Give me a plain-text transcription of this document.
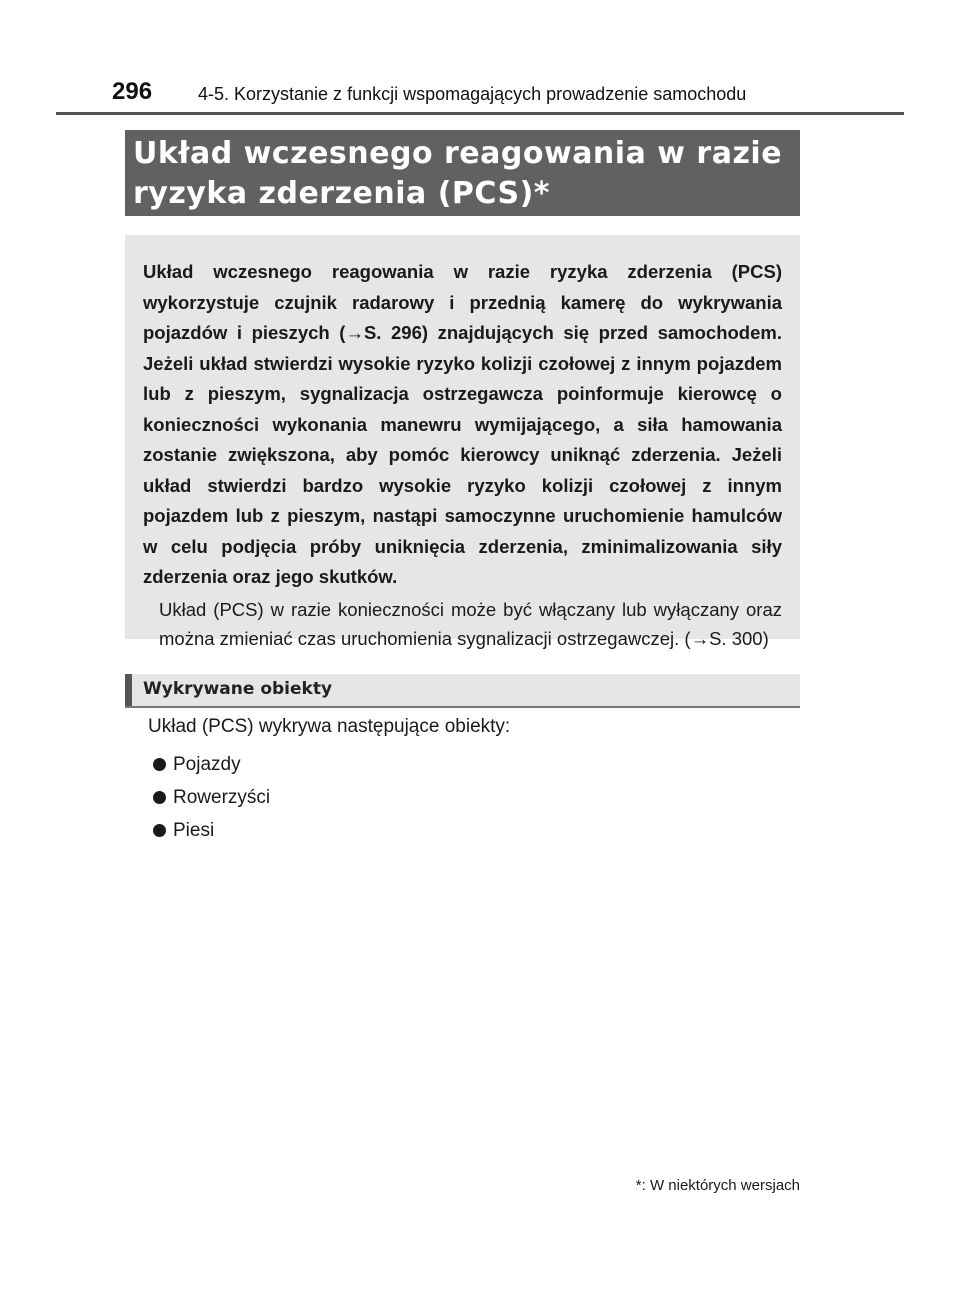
296	4-5. Korzystanie z funkcji wspomagających prowadzenie samochodu
Układ wczesnego reagowania w razie
ryzyka zderzenia (PCS)*

Układ wczesnego reagowania w razie ryzyka zderzenia (PCS) wykorzystuje czujnik radarowy i przednią kamerę do wykrywania pojazdów i pieszych (→S. 296) znajdujących się przed samochodem. Jeżeli układ stwierdzi wysokie ryzyko kolizji czołowej z innym pojazdem lub z pieszym, sygnalizacja ostrzegawcza poinformuje kierowcę o konieczności wykonania manewru wymijającego, a siła hamowania zostanie zwiększona, aby pomóc kierowcy uniknąć zderzenia. Jeżeli układ stwierdzi bardzo wysokie ryzyko kolizji czołowej z innym pojazdem lub z pieszym, nastąpi samoczynne uruchomienie hamulców w celu podjęcia próby uniknięcia zderzenia, zminimalizowania siły zderzenia oraz jego skutków.

Układ (PCS) w razie konieczności może być włączany lub wyłączany oraz można zmieniać czas uruchomienia sygnalizacji ostrzegawczej. (→S. 300)

Wykrywane obiekty
Układ (PCS) wykrywa następujące obiekty:
Pojazdy
Rowerzyści
Piesi
*: W niektórych wersjach
